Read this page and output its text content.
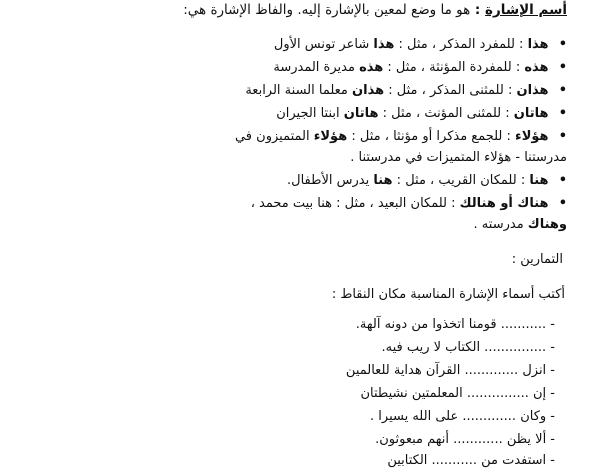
أسم الإشارة : هو ما وضع لمعين بالإشارة إليه. والفاظ الإشارة هي:
• هذا : للمفرد المذكر ، مثل : هذا شاعر تونس الأول
• هذه : للمفردة المؤنثة ، مثل : هذه مديرة المدرسة
• هذان : للمثنى المذكر ، مثل : هذان معلما السنة الرابعة
• هاتان : للمثنى المؤنث ، مثل : هاتان ابنتا الجيران
• هؤلاء : للجمع مذكرا أو مؤنثا ، مثل : هؤلاء المتميزون في
مدرستنا - هؤلاء المتميزات في مدرستنا .
• هنا : للمكان القريب ، مثل : هنا يدرس الأطفال.
• هناك أو هنالك : للمكان البعيد ، مثل : هنا بيت محمد ،
وهناك مدرسته .
التمارين :
أكتب أسماء الإشارة المناسبة مكان النقاط :
- ........... قومنا اتخذوا من دونه آلهة.
- ............... الكتاب لا ريب فيه.
- انزل ............. القرآن هداية للعالمين
- إن ............... المعلمتين نشيطتان
- وكان ............. على الله يسيرا .
- ألا يظن ............ أنهم مبعوثون.
- استفدت من ........... الكتابين
